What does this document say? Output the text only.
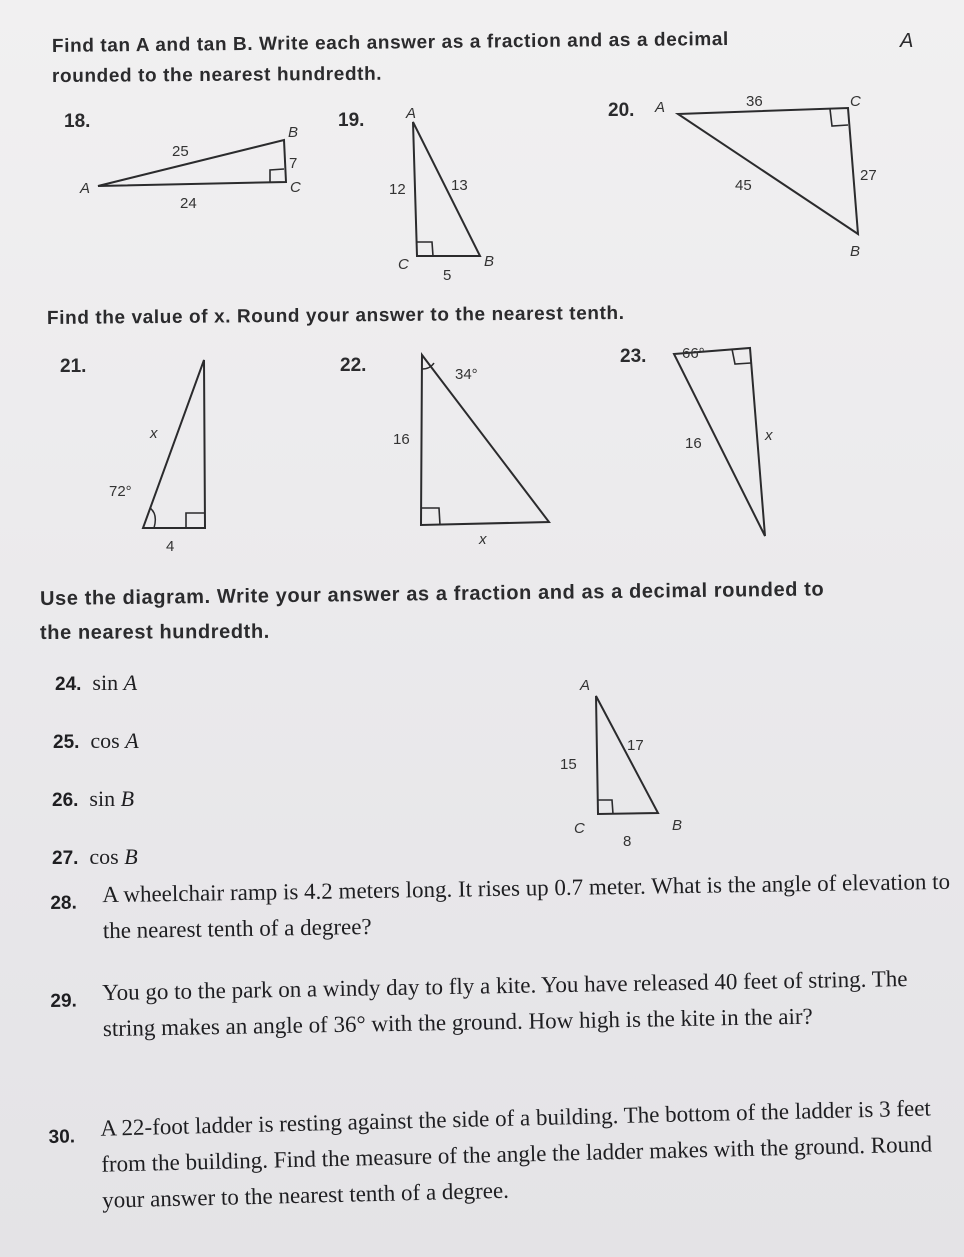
Find tan A and tan B. Write each answer as a fraction and as a decimal
rounded to the nearest hundredth.
A
18.
25
7
24
A
B
C
19.	A
C	B
12	13
5
20. A	C
B
36
45
27
Find the value of x. Round your answer to the nearest tenth.
21.
x
72°
4
22.	34°
16
x
23. 66°
16	x
Use the diagram. Write your answer as a fraction and as a decimal rounded to
the nearest hundredth.
24. sin A
25. cos A
26. sin B
27. cos B
A
C	B
15
17
8
28. A wheelchair ramp is 4.2 meters long. It rises up 0.7 meter. What is the angle of elevation to the nearest tenth of a degree?
29. You go to the park on a windy day to fly a kite. You have released 40 feet of string. The string makes an angle of 36° with the ground. How high is the kite in the air?
30. A 22-foot ladder is resting against the side of a building. The bottom of the ladder is 3 feet from the building. Find the measure of the angle the ladder makes with the ground. Round your answer to the nearest tenth of a degree.
